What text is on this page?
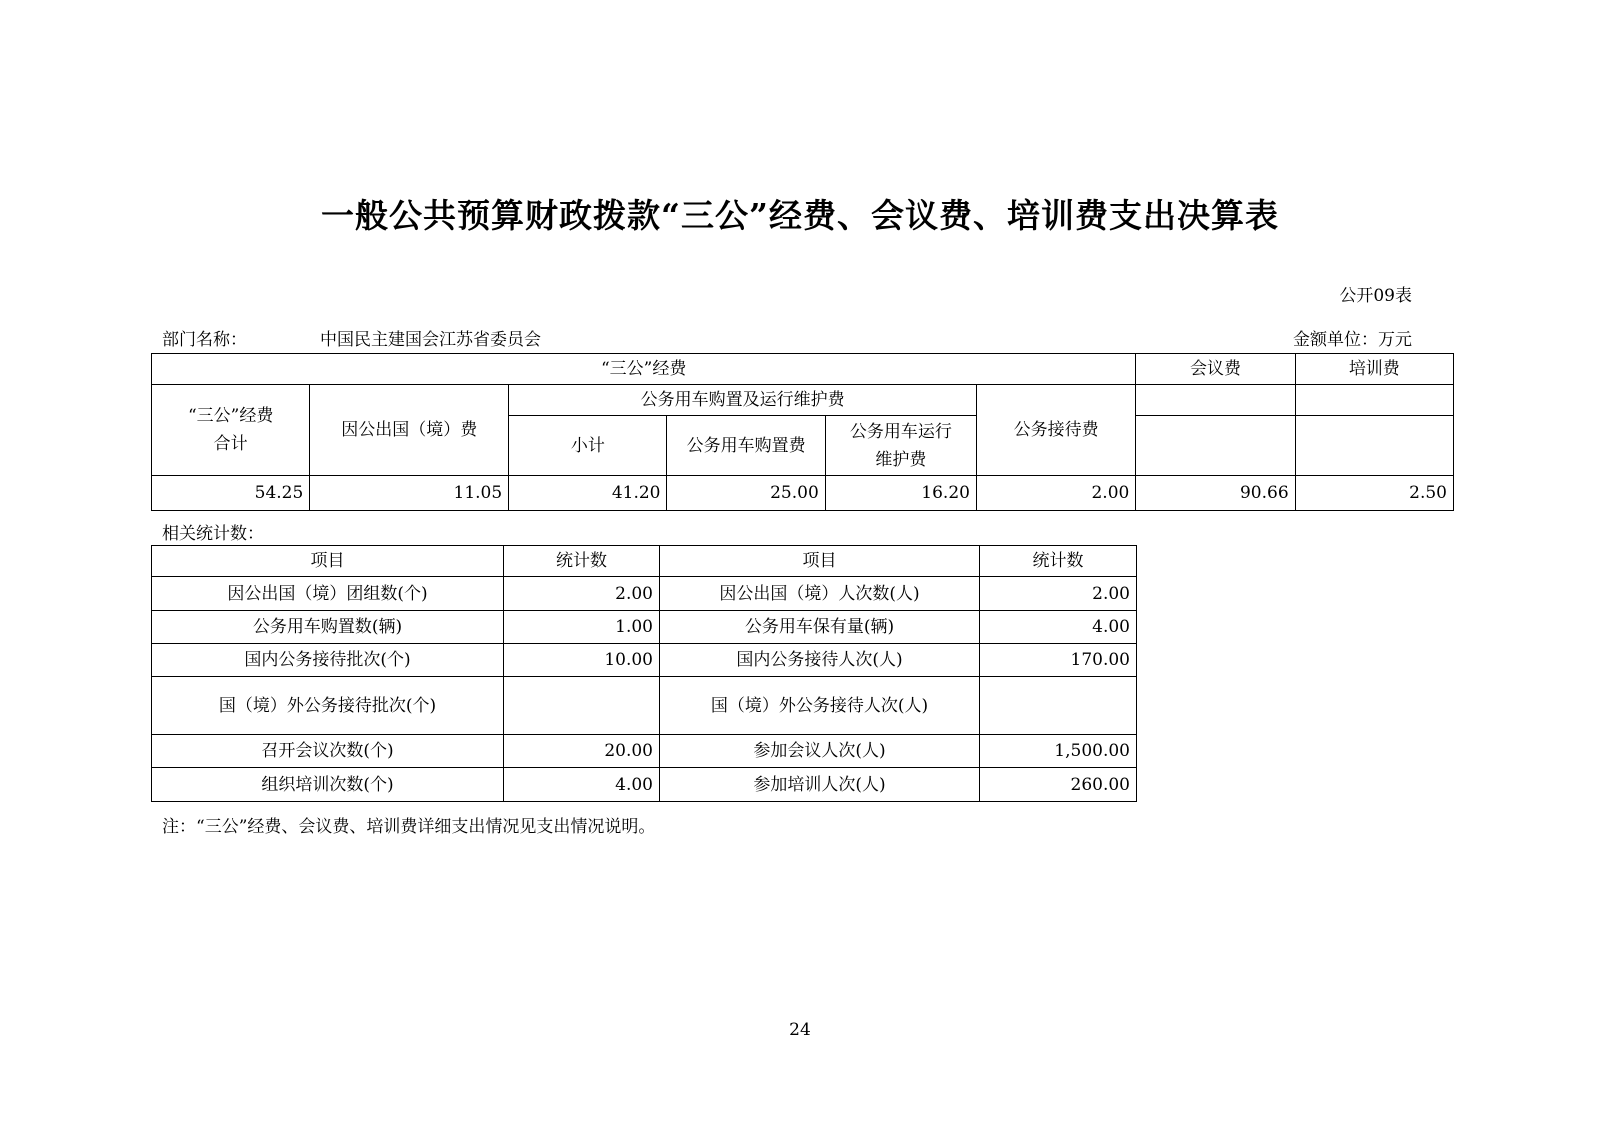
一般公共预算财政拨款“三公”经费、会议费、培训费支出决算表
公开09表
部门名称：	中国民主建国会江苏省委员会	金额单位：万元
“三公”经费						会议费	培训费

“三公”经费
合计	因公出国（境）费	公务用车购置及运行维护费			公务接待费		
		小计	公务用车购置费	公务用车运行
维护费			

54.25	11.05	41.20	25.00	16.20	2.00	90.66	2.50
相关统计数：
项目	统计数	项目	统计数
因公出国（境）团组数(个)	2.00	因公出国（境）人次数(人)	2.00
公务用车购置数(辆)	1.00	公务用车保有量(辆)	4.00
国内公务接待批次(个)	10.00	国内公务接待人次(人)	170.00
国（境）外公务接待批次(个)		国（境）外公务接待人次(人)	
召开会议次数(个)	20.00	参加会议人次(人)	1,500.00
组织培训次数(个)	4.00	参加培训人次(人)	260.00
注：“三公”经费、会议费、培训费详细支出情况见支出情况说明。
24
